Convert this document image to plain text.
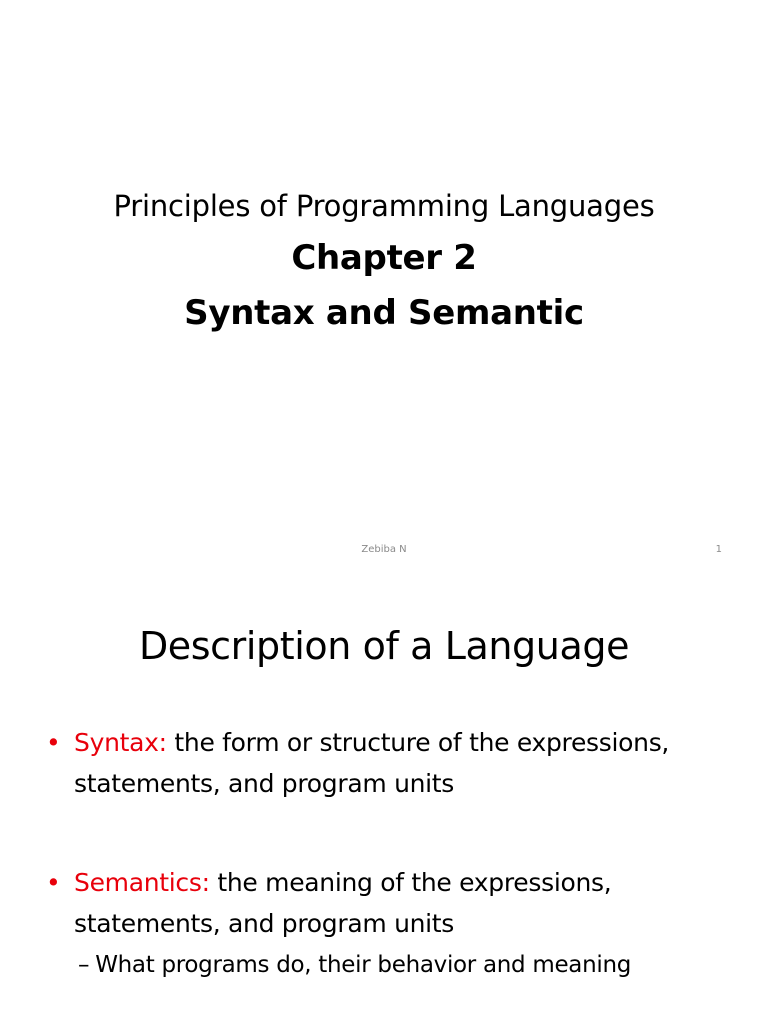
Principles of Programming Languages
Chapter 2
Syntax and Semantic
Zebiba N	1
Description of a Language
• Syntax: the form or structure of the expressions, statements, and program units
• Semantics: the meaning of the expressions, statements, and program units
– What programs do, their behavior and meaning
